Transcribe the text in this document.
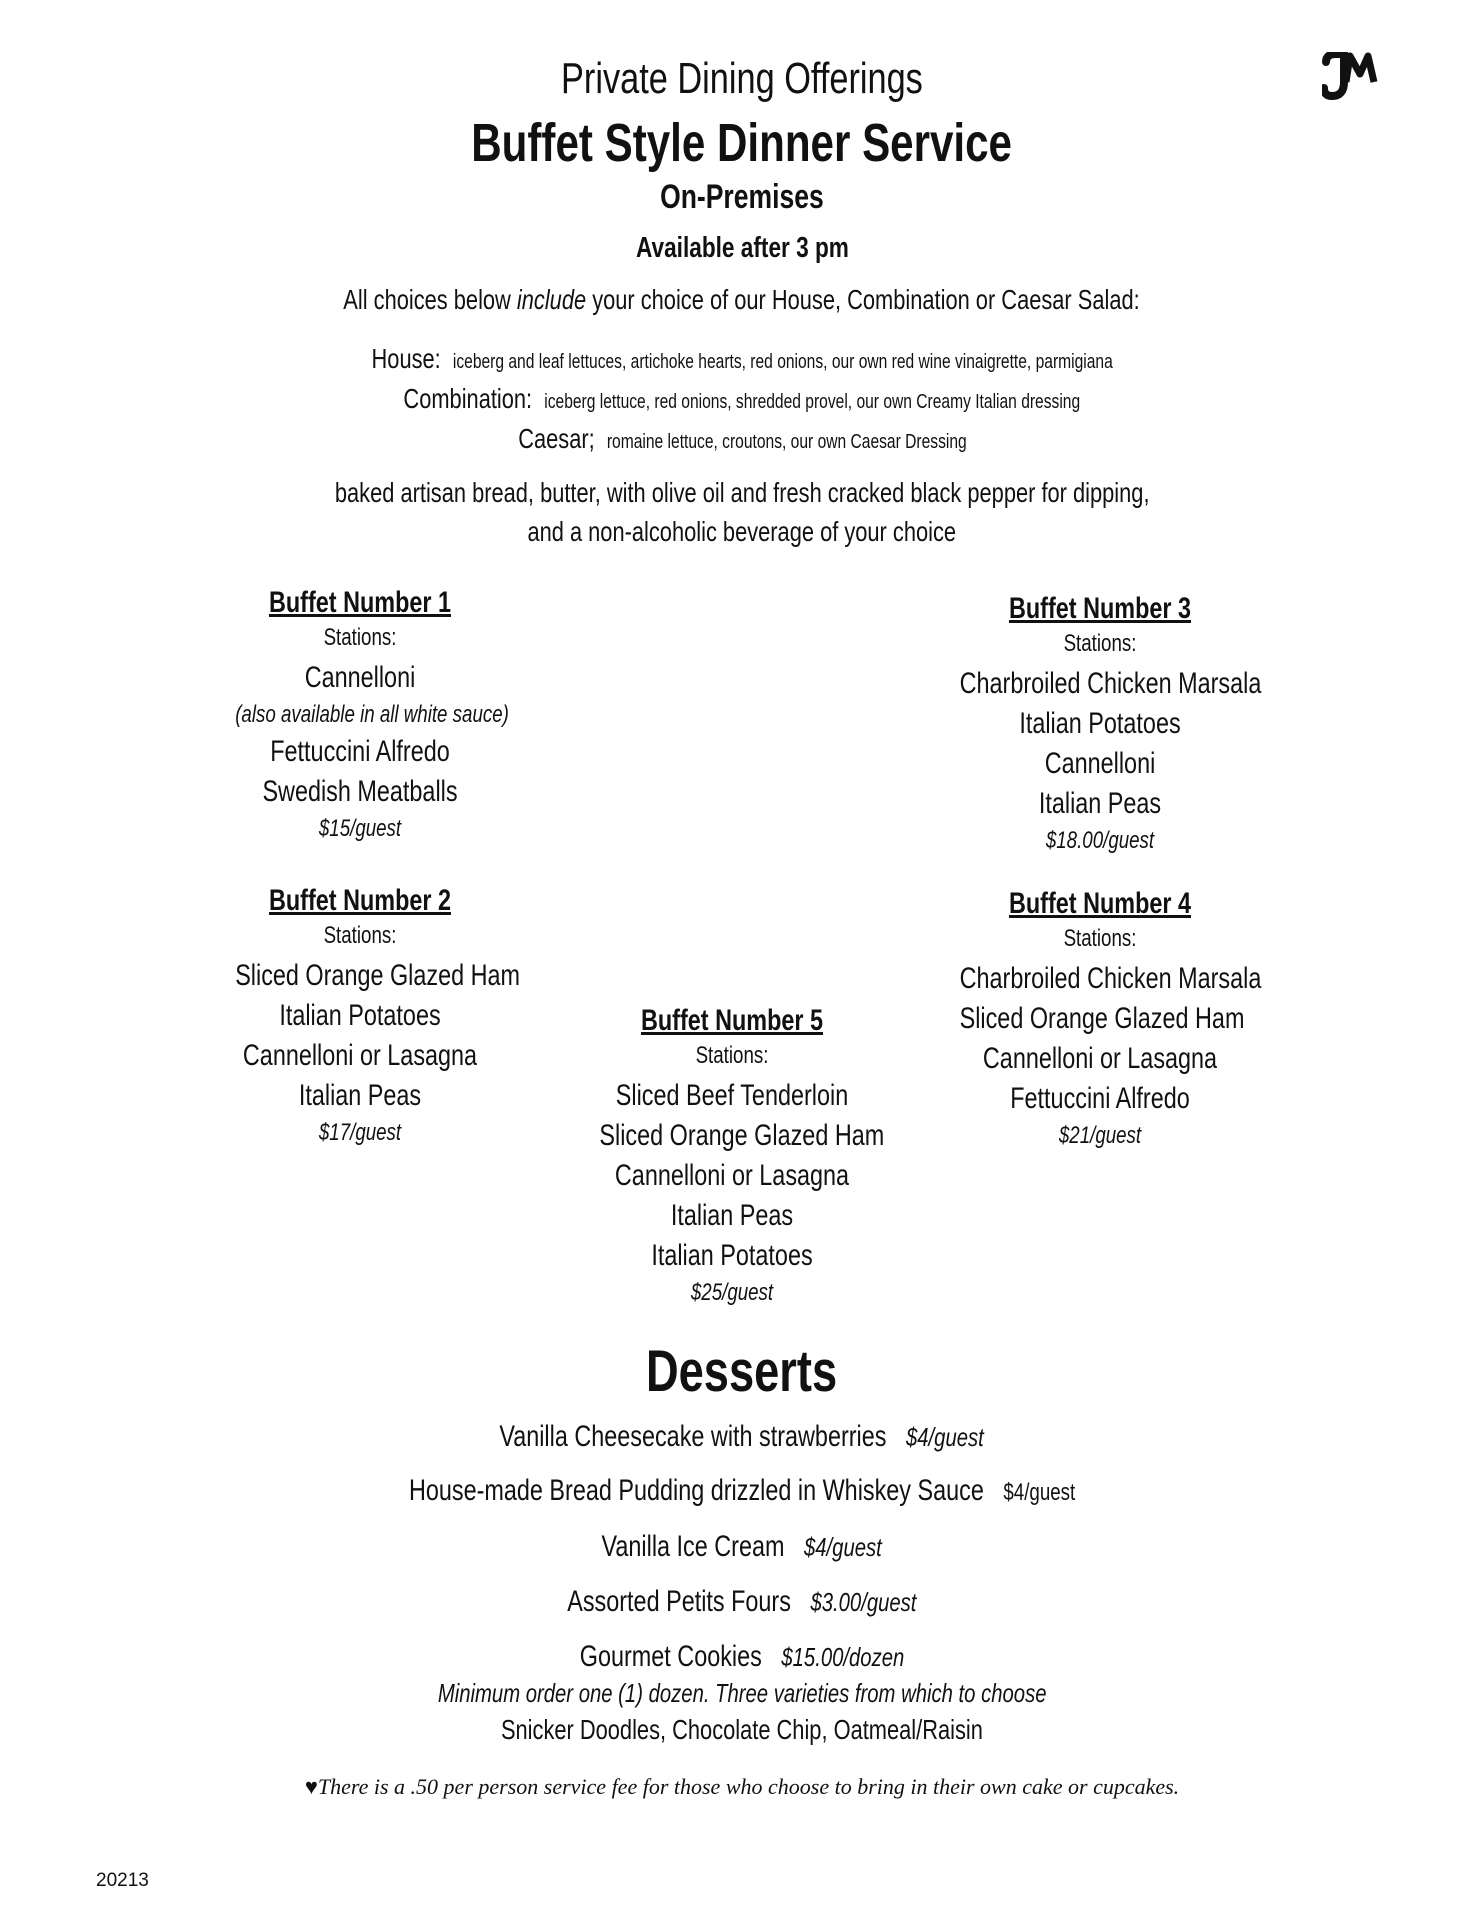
Private Dining Offerings
Buffet Style Dinner Service
On-Premises
Available after 3 pm
All choices below include your choice of our House, Combination or Caesar Salad:
House: iceberg and leaf lettuces, artichoke hearts, red onions, our own red wine vinaigrette, parmigiana
Combination: iceberg lettuce, red onions, shredded provel, our own Creamy Italian dressing
Caesar; romaine lettuce, croutons, our own Caesar Dressing
baked artisan bread, butter, with olive oil and fresh cracked black pepper for dipping,
and a non-alcoholic beverage of your choice
Buffet Number 1
Stations:
Cannelloni
(also available in all white sauce)
Fettuccini Alfredo
Swedish Meatballs
$15/guest
Buffet Number 2
Stations:
Sliced Orange Glazed Ham
Italian Potatoes
Cannelloni or Lasagna
Italian Peas
$17/guest
Buffet Number 3
Stations:
Charbroiled Chicken Marsala
Italian Potatoes
Cannelloni
Italian Peas
$18.00/guest
Buffet Number 4
Stations:
Charbroiled Chicken Marsala
Sliced Orange Glazed Ham
Cannelloni or Lasagna
Fettuccini Alfredo
$21/guest
Buffet Number 5
Stations:
Sliced Beef Tenderloin
Sliced Orange Glazed Ham
Cannelloni or Lasagna
Italian Peas
Italian Potatoes
$25/guest
Desserts
Vanilla Cheesecake with strawberries $4/guest
House-made Bread Pudding drizzled in Whiskey Sauce $4/guest
Vanilla Ice Cream $4/guest
Assorted Petits Fours $3.00/guest
Gourmet Cookies $15.00/dozen
Minimum order one (1) dozen. Three varieties from which to choose
Snicker Doodles, Chocolate Chip, Oatmeal/Raisin
♥There is a .50 per person service fee for those who choose to bring in their own cake or cupcakes.
20213
